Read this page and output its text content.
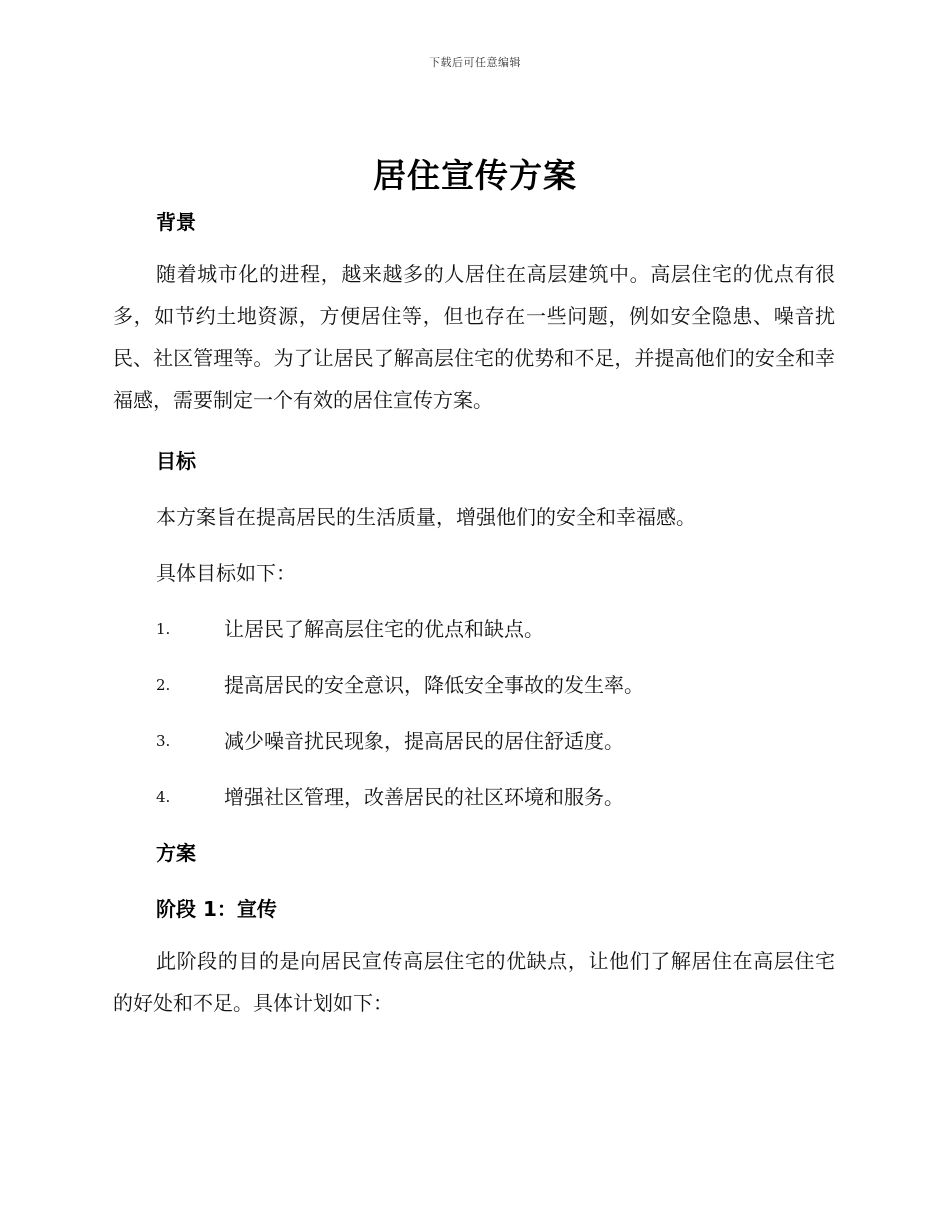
下载后可任意编辑
居住宣传方案
背景
随着城市化的进程，越来越多的人居住在高层建筑中。高层住宅的优点有很多，如节约土地资源，方便居住等，但也存在一些问题，例如安全隐患、噪音扰民、社区管理等。为了让居民了解高层住宅的优势和不足，并提高他们的安全和幸福感，需要制定一个有效的居住宣传方案。
目标
本方案旨在提高居民的生活质量，增强他们的安全和幸福感。
具体目标如下：
1.	让居民了解高层住宅的优点和缺点。
2.	提高居民的安全意识，降低安全事故的发生率。
3.	减少噪音扰民现象，提高居民的居住舒适度。
4.	增强社区管理，改善居民的社区环境和服务。
方案
阶段 1：宣传
此阶段的目的是向居民宣传高层住宅的优缺点，让他们了解居住在高层住宅的好处和不足。具体计划如下：
